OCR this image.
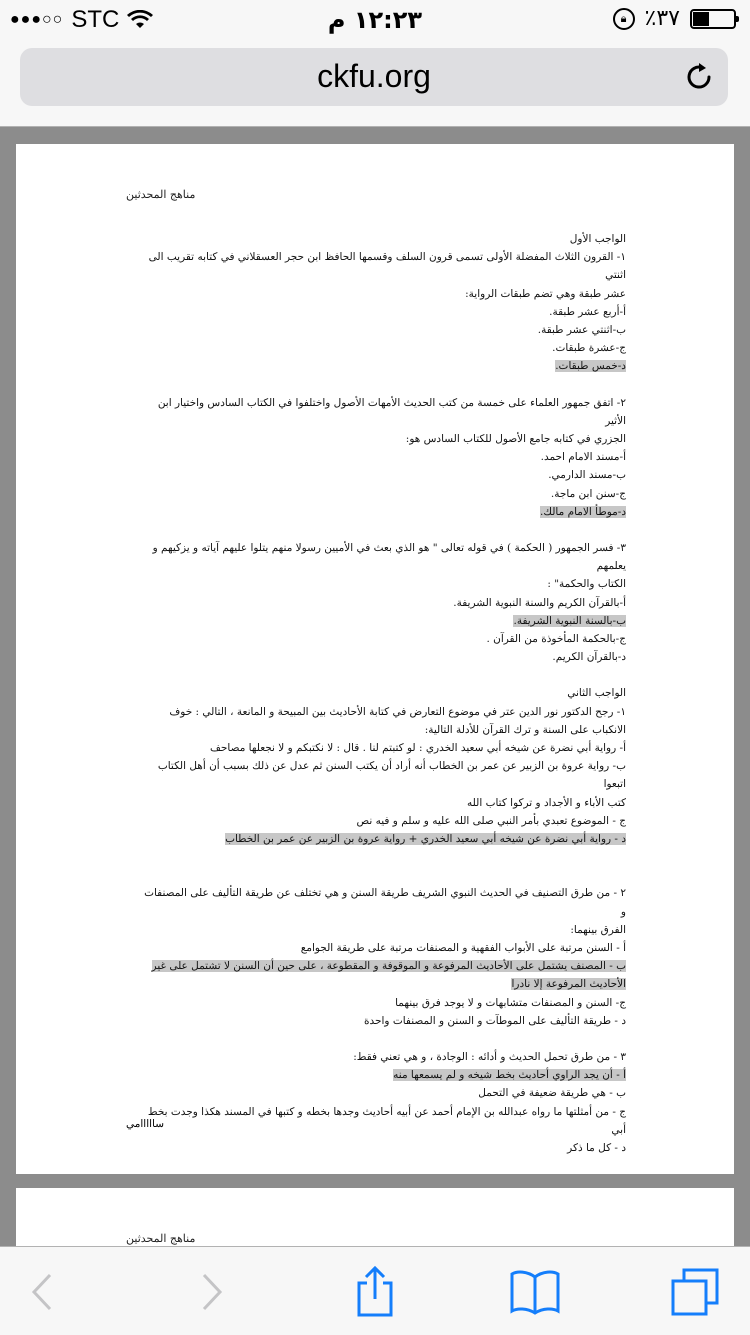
●●●○○ STC	١٢:٢٣ م	🔒︎ ٪٣٧
ckfu.org
مناهج المحدثين

الواجب الأول

١- القرون الثلاث المفضلة الأولى تسمى قرون السلف وقسمها الحافظ ابن حجر العسقلاني في كتابه تقريب الى اثنتي

عشر طبقة وهي تضم طبقات الرواية:

أ-أربع عشر طبقة.

ب-اثنتي عشر طبقة.

ج-عشرة طبقات.

د-خمس طبقات.

٢- اتفق جمهور العلماء على خمسة من كتب الحديث الأمهات الأصول واختلفوا في الكتاب السادس واختيار ابن الأثير

الجزري في كتابه جامع الأصول للكتاب السادس هو:

أ-مسند الامام احمد.

ب-مسند الدارمي.

ج-سنن ابن ماجة.

د-موطأ الامام مالك.

٣- فسر الجمهور ( الحكمة ) في قوله تعالى " هو الذي بعث في الأميين رسولا منهم يتلوا عليهم آياته و يزكيهم و يعلمهم

الكتاب والحكمة" :

أ-بالقرآن الكريم والسنة النبوية الشريفة.

ب-بالسنة النبوية الشريفة.

ج-بالحكمة المأخوذة من القرآن .

د-بالقرآن الكريم.

الواجب الثاني

١- رجح الدكتور نور الدين عتر في موضوع التعارض في كتابة الأحاديث بين المبيحة و المانعة ، التالي : خوف

الانكباب على السنة و ترك القرآن للأدلة التالية:

أ- رواية أبي نضرة عن شيخه أبي سعيد الخدري : لو كتبتم لنا . قال : لا نكتبكم و لا نجعلها مصاحف

ب- رواية عروة بن الزبير عن عمر بن الخطاب أنه أراد أن يكتب السنن ثم عدل عن ذلك بسبب أن أهل الكتاب اتبعوا

كتب الأباء و الأجداد و تركوا كتاب الله

ج - الموضوع تعبدي بأمر النبي صلى الله عليه و سلم و فيه نص

د - رواية أبي نضرة عن شيخه أبي سعيد الخدري + رواية عروة بن الزبير عن عمر بن الخطاب

٢ - من طرق التصنيف في الحديث النبوي الشريف طريقة السنن و هي تختلف عن طريقة التأليف على المصنفات و

الفرق بينهما:

أ - السنن مرتبة على الأبواب الفقهية و المصنفات مرتبة على طريقة الجوامع

ب - المصنف يشتمل على الأحاديث المرفوعة و الموقوفة و المقطوعة ، على حين أن السنن لا تشتمل على غير

الأحاديث المرفوعة إلا نادرا

ج- السنن و المصنفات متشابهات و لا يوجد فرق بينهما

د - طريقة التأليف على الموطآت و السنن و المصنفات واحدة

٣ - من طرق تحمل الحديث و أدائه : الوجادة ، و هي تعني فقط:

أ - أن يجد الراوي أحاديث بخط شيخه و لم يسمعها منه

ب - هي طريقة ضعيفة في التحمل

ج - من أمثلتها ما رواه عبدالله بن الإمام أحمد عن أبيه أحاديث وجدها بخطه و كتبها في المسند هكذا وجدت بخط أبي

د - كل ما ذكر

سااااامي
مناهج المحدثين
